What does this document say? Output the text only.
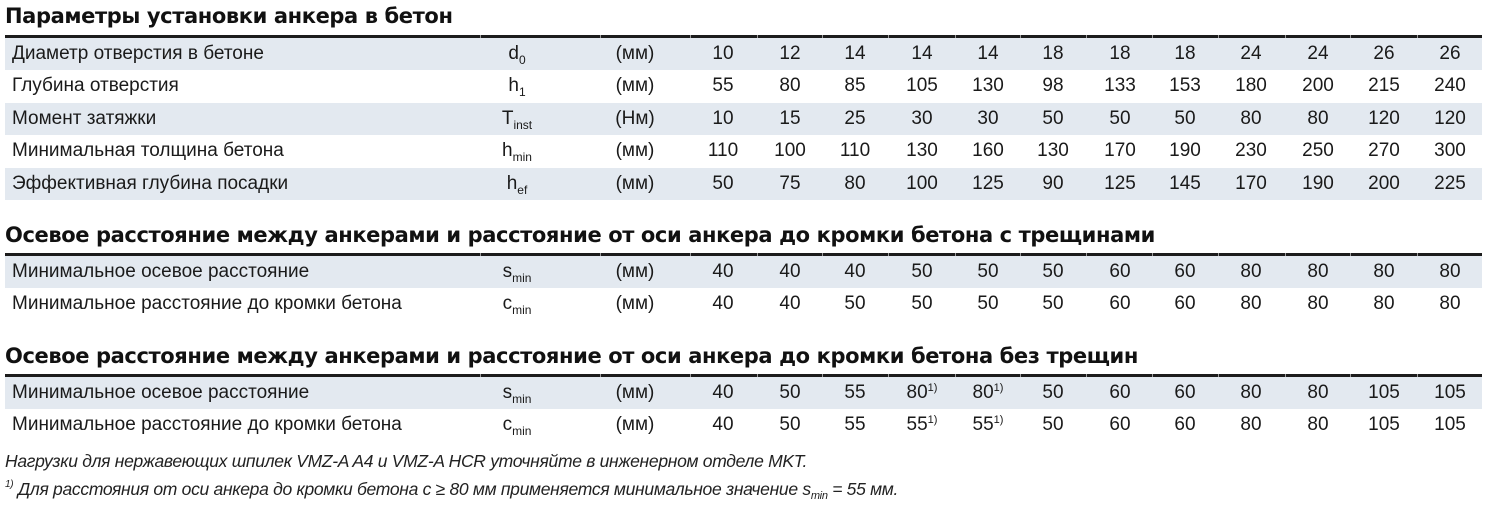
Параметры установки анкера в бетон
Диаметр отверстия в бетоне	$d_0$	(мм)	10	12	14	14	14	18	18	18	24	24	26	26
Глубина отверстия	$h_1$	(мм)	55	80	85	105	130	98	133	153	180	200	215	240
Момент затяжки	$T_{inst}$	(Нм)	10	15	25	30	30	50	50	50	80	80	120	120
Минимальная толщина бетона	$h_{min}$	(мм)	110	100	110	130	160	130	170	190	230	250	270	300
Эффективная глубина посадки	$h_{ef}$	(мм)	50	75	80	100	125	90	125	145	170	190	200	225
Осевое расстояние между анкерами и расстояние от оси анкера до кромки бетона с трещинами
Минимальное осевое расстояние	$s_{min}$	(мм)	40	40	40	50	50	50	60	60	80	80	80	80
Минимальное расстояние до кромки бетона	$c_{min}$	(мм)	40	40	50	50	50	50	60	60	80	80	80	80
Осевое расстояние между анкерами и расстояние от оси анкера до кромки бетона без трещин
Минимальное осевое расстояние	$s_{min}$	(мм)	40	50	55	80$^{1)}$	80$^{1)}$	50	60	60	80	80	105	105
Минимальное расстояние до кромки бетона	$c_{min}$	(мм)	40	50	55	55$^{1)}$	55$^{1)}$	50	60	60	80	80	105	105
Нагрузки для нержавеющих шпилек VMZ-A A4 и VMZ-A HCR уточняйте в инженерном отделе MKT.
$^{1)}$ Для расстояния от оси анкера до кромки бетона c ≥ 80 мм применяется минимальное значение $s_{min} = 55$ мм.
